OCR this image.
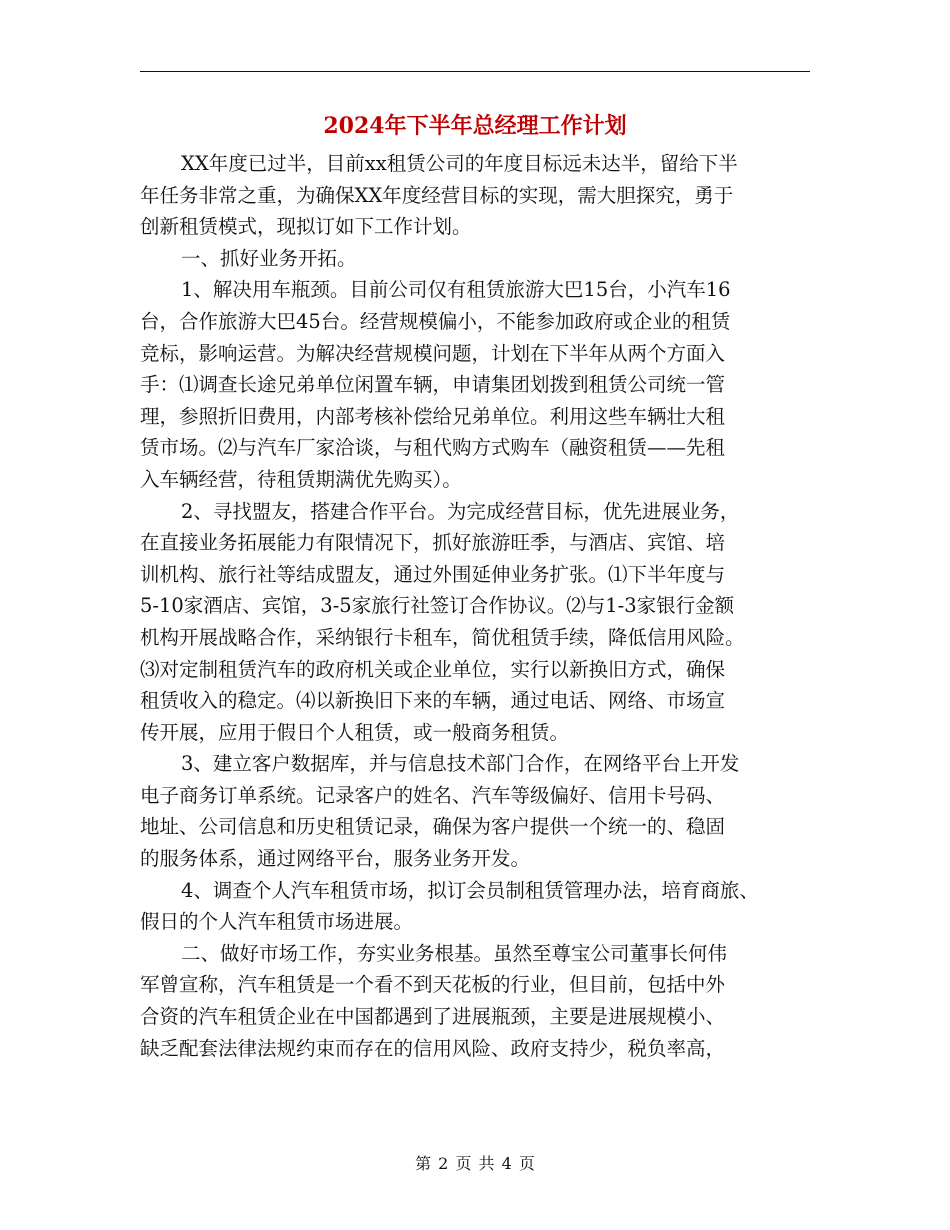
2024年下半年总经理工作计划
XX年度已过半，目前xx租赁公司的年度目标远未达半，留给下半
年任务非常之重，为确保XX年度经营目标的实现，需大胆探究，勇于
创新租赁模式，现拟订如下工作计划。
一、抓好业务开拓。
1、解决用车瓶颈。目前公司仅有租赁旅游大巴15台，小汽车16
台，合作旅游大巴45台。经营规模偏小，不能参加政府或企业的租赁
竞标，影响运营。为解决经营规模问题，计划在下半年从两个方面入
手：⑴调查长途兄弟单位闲置车辆，申请集团划拨到租赁公司统一管
理，参照折旧费用，内部考核补偿给兄弟单位。利用这些车辆壮大租
赁市场。⑵与汽车厂家洽谈，与租代购方式购车（融资租赁——先租
入车辆经营，待租赁期满优先购买）。
2、寻找盟友，搭建合作平台。为完成经营目标，优先进展业务，
在直接业务拓展能力有限情况下，抓好旅游旺季，与酒店、宾馆、培
训机构、旅行社等结成盟友，通过外围延伸业务扩张。⑴下半年度与
5-10家酒店、宾馆，3-5家旅行社签订合作协议。⑵与1-3家银行金额
机构开展战略合作，采纳银行卡租车，简优租赁手续，降低信用风险。
⑶对定制租赁汽车的政府机关或企业单位，实行以新换旧方式，确保
租赁收入的稳定。⑷以新换旧下来的车辆，通过电话、网络、市场宣
传开展，应用于假日个人租赁，或一般商务租赁。
3、建立客户数据库，并与信息技术部门合作，在网络平台上开发
电子商务订单系统。记录客户的姓名、汽车等级偏好、信用卡号码、
地址、公司信息和历史租赁记录，确保为客户提供一个统一的、稳固
的服务体系，通过网络平台，服务业务开发。
4、调查个人汽车租赁市场，拟订会员制租赁管理办法，培育商旅、
假日的个人汽车租赁市场进展。
二、做好市场工作，夯实业务根基。虽然至尊宝公司董事长何伟
军曾宣称，汽车租赁是一个看不到天花板的行业，但目前，包括中外
合资的汽车租赁企业在中国都遇到了进展瓶颈，主要是进展规模小、
缺乏配套法律法规约束而存在的信用风险、政府支持少，税负率高，
第 2 页 共 4 页
